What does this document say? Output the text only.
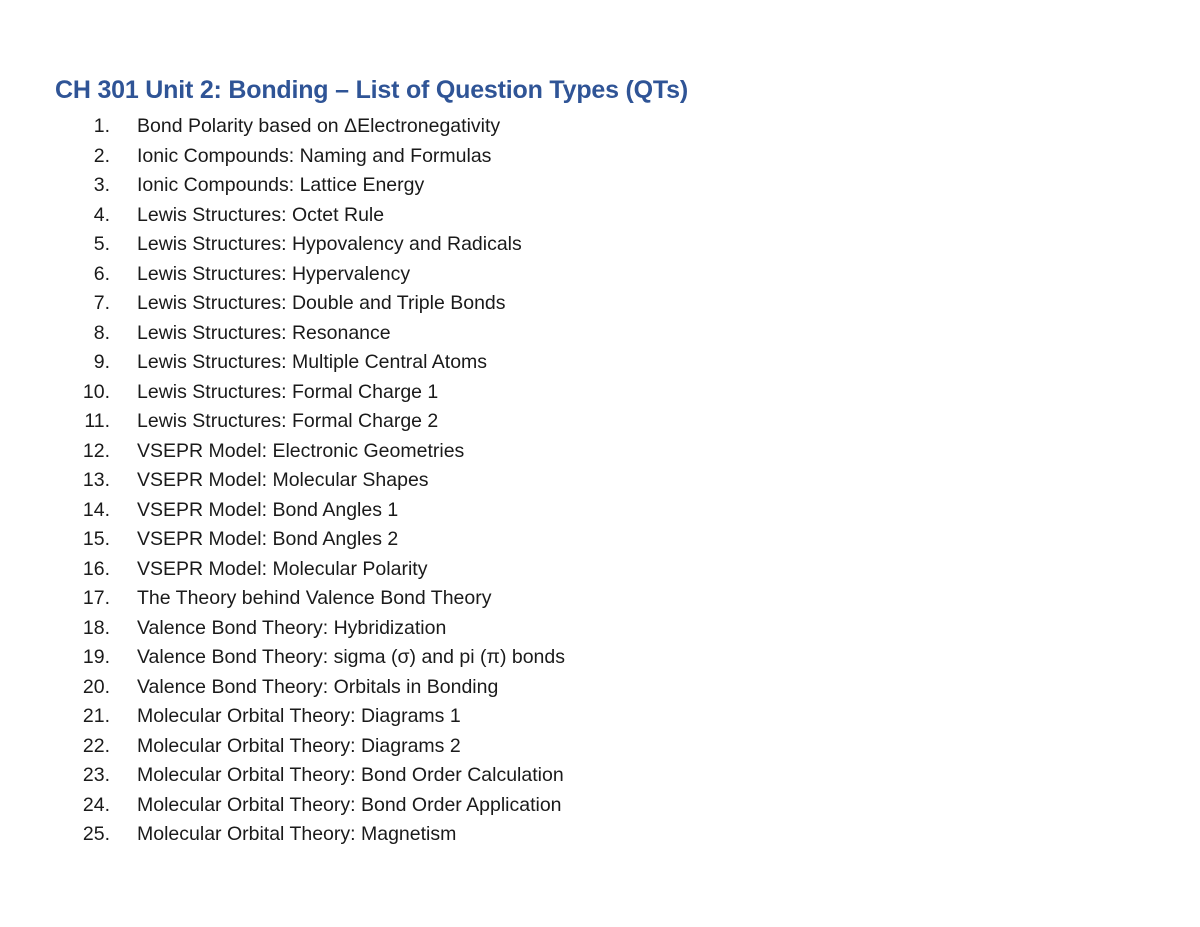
CH 301 Unit 2: Bonding – List of Question Types (QTs)
1. Bond Polarity based on ΔElectronegativity
2. Ionic Compounds: Naming and Formulas
3. Ionic Compounds: Lattice Energy
4. Lewis Structures: Octet Rule
5. Lewis Structures: Hypovalency and Radicals
6. Lewis Structures: Hypervalency
7. Lewis Structures: Double and Triple Bonds
8. Lewis Structures: Resonance
9. Lewis Structures: Multiple Central Atoms
10. Lewis Structures: Formal Charge 1
11. Lewis Structures: Formal Charge 2
12. VSEPR Model: Electronic Geometries
13. VSEPR Model: Molecular Shapes
14. VSEPR Model: Bond Angles 1
15. VSEPR Model: Bond Angles 2
16. VSEPR Model: Molecular Polarity
17. The Theory behind Valence Bond Theory
18. Valence Bond Theory: Hybridization
19. Valence Bond Theory: sigma (σ) and pi (π) bonds
20. Valence Bond Theory: Orbitals in Bonding
21. Molecular Orbital Theory: Diagrams 1
22. Molecular Orbital Theory: Diagrams 2
23. Molecular Orbital Theory: Bond Order Calculation
24. Molecular Orbital Theory: Bond Order Application
25. Molecular Orbital Theory: Magnetism
